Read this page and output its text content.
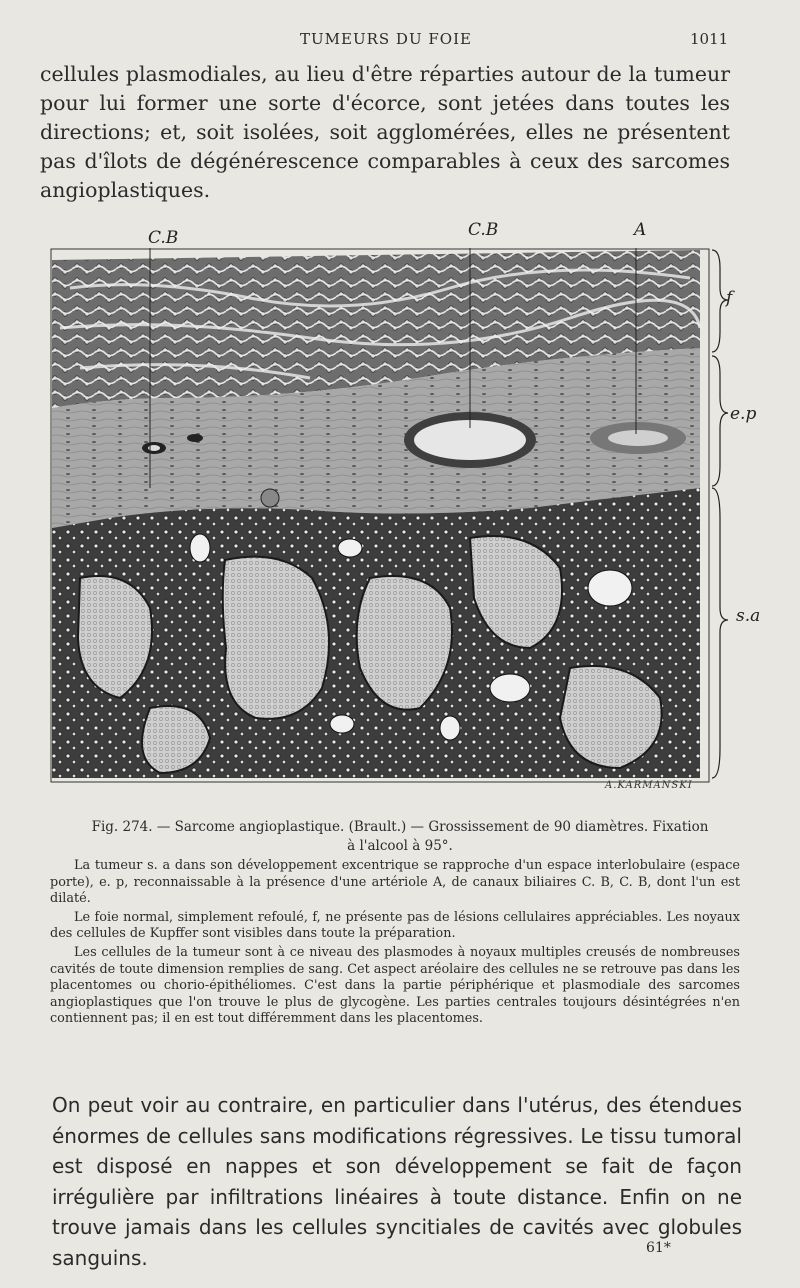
TUMEURS DU FOIE	1011

cellules plasmodiales, au lieu d'être réparties autour de la tumeur pour lui former une sorte d'écorce, sont jetées dans toutes les directions; et, soit isolées, soit agglomérées, elles ne présentent pas d'îlots de dégénérescence comparables à ceux des sarcomes angioplastiques.

C.B	C.B	A
f
e.p
s.a
A.KARMANSKI

Fig. 274. — Sarcome angioplastique. (Brault.) — Grossissement de 90 diamètres. Fixation à l'alcool à 95°.

La tumeur s. a dans son développement excentrique se rapproche d'un espace interlobulaire (espace porte), e. p, reconnaissable à la présence d'une artériole A, de canaux biliaires C. B, C. B, dont l'un est dilaté.

Le foie normal, simplement refoulé, f, ne présente pas de lésions cellulaires appréciables. Les noyaux des cellules de Kupffer sont visibles dans toute la préparation.

Les cellules de la tumeur sont à ce niveau des plasmodes à noyaux multiples creusés de nombreuses cavités de toute dimension remplies de sang. Cet aspect aréolaire des cellules ne se retrouve pas dans les placentomes ou chorio-épithéliomes. C'est dans la partie périphérique et plasmodiale des sarcomes angioplastiques que l'on trouve le plus de glycogène. Les parties centrales toujours désintégrées n'en contiennent pas; il en est tout différemment dans les placentomes.

On peut voir au contraire, en particulier dans l'utérus, des étendues énormes de cellules sans modifications régressives. Le tissu tumoral est disposé en nappes et son développement se fait de façon irrégulière par infiltrations linéaires à toute distance. Enfin on ne trouve jamais dans les cellules syncitiales de cavités avec globules sanguins.	61*
